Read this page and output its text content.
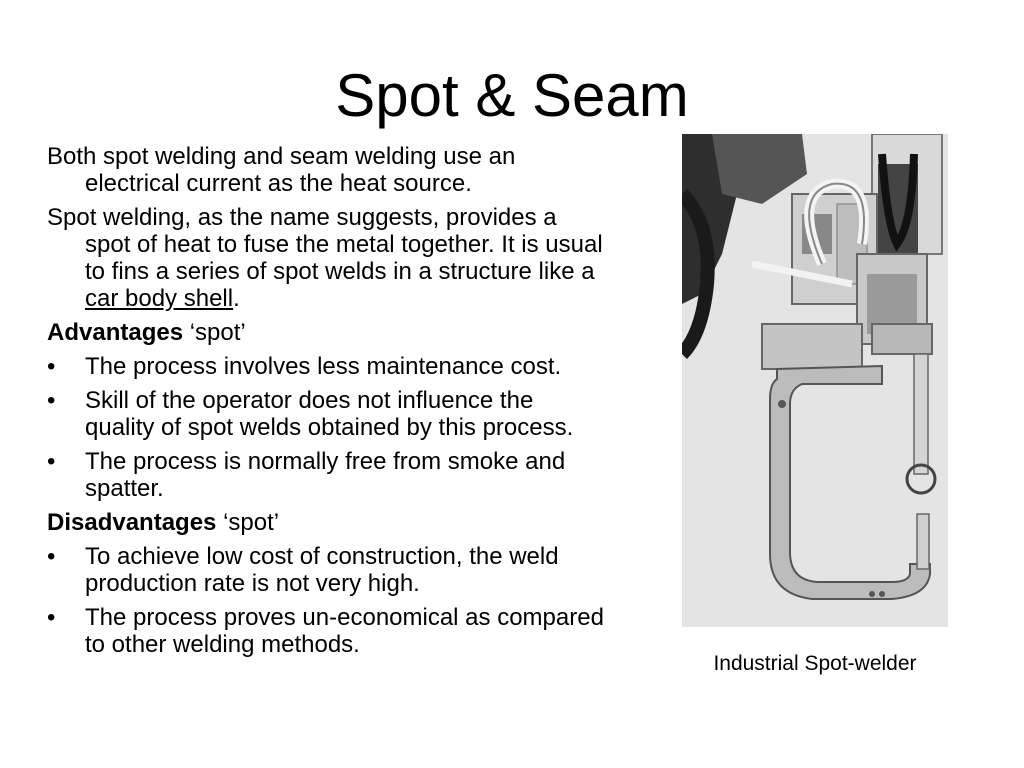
Spot & Seam

Both spot welding and seam welding use an electrical current as the heat source.

Spot welding, as the name suggests, provides a spot of heat to fuse the metal together. It is usual to fins a series of spot welds in a structure like a car body shell.

Advantages ‘spot’
•	The process involves less maintenance cost.
•	Skill of the operator does not influence the quality of spot welds obtained by this process.
•	The process is normally free from smoke and spatter.
Disadvantages ‘spot’
•	To achieve low cost of construction, the weld production rate is not very high.
•	The process proves un-economical as compared to other welding methods.
Industrial Spot-welder
